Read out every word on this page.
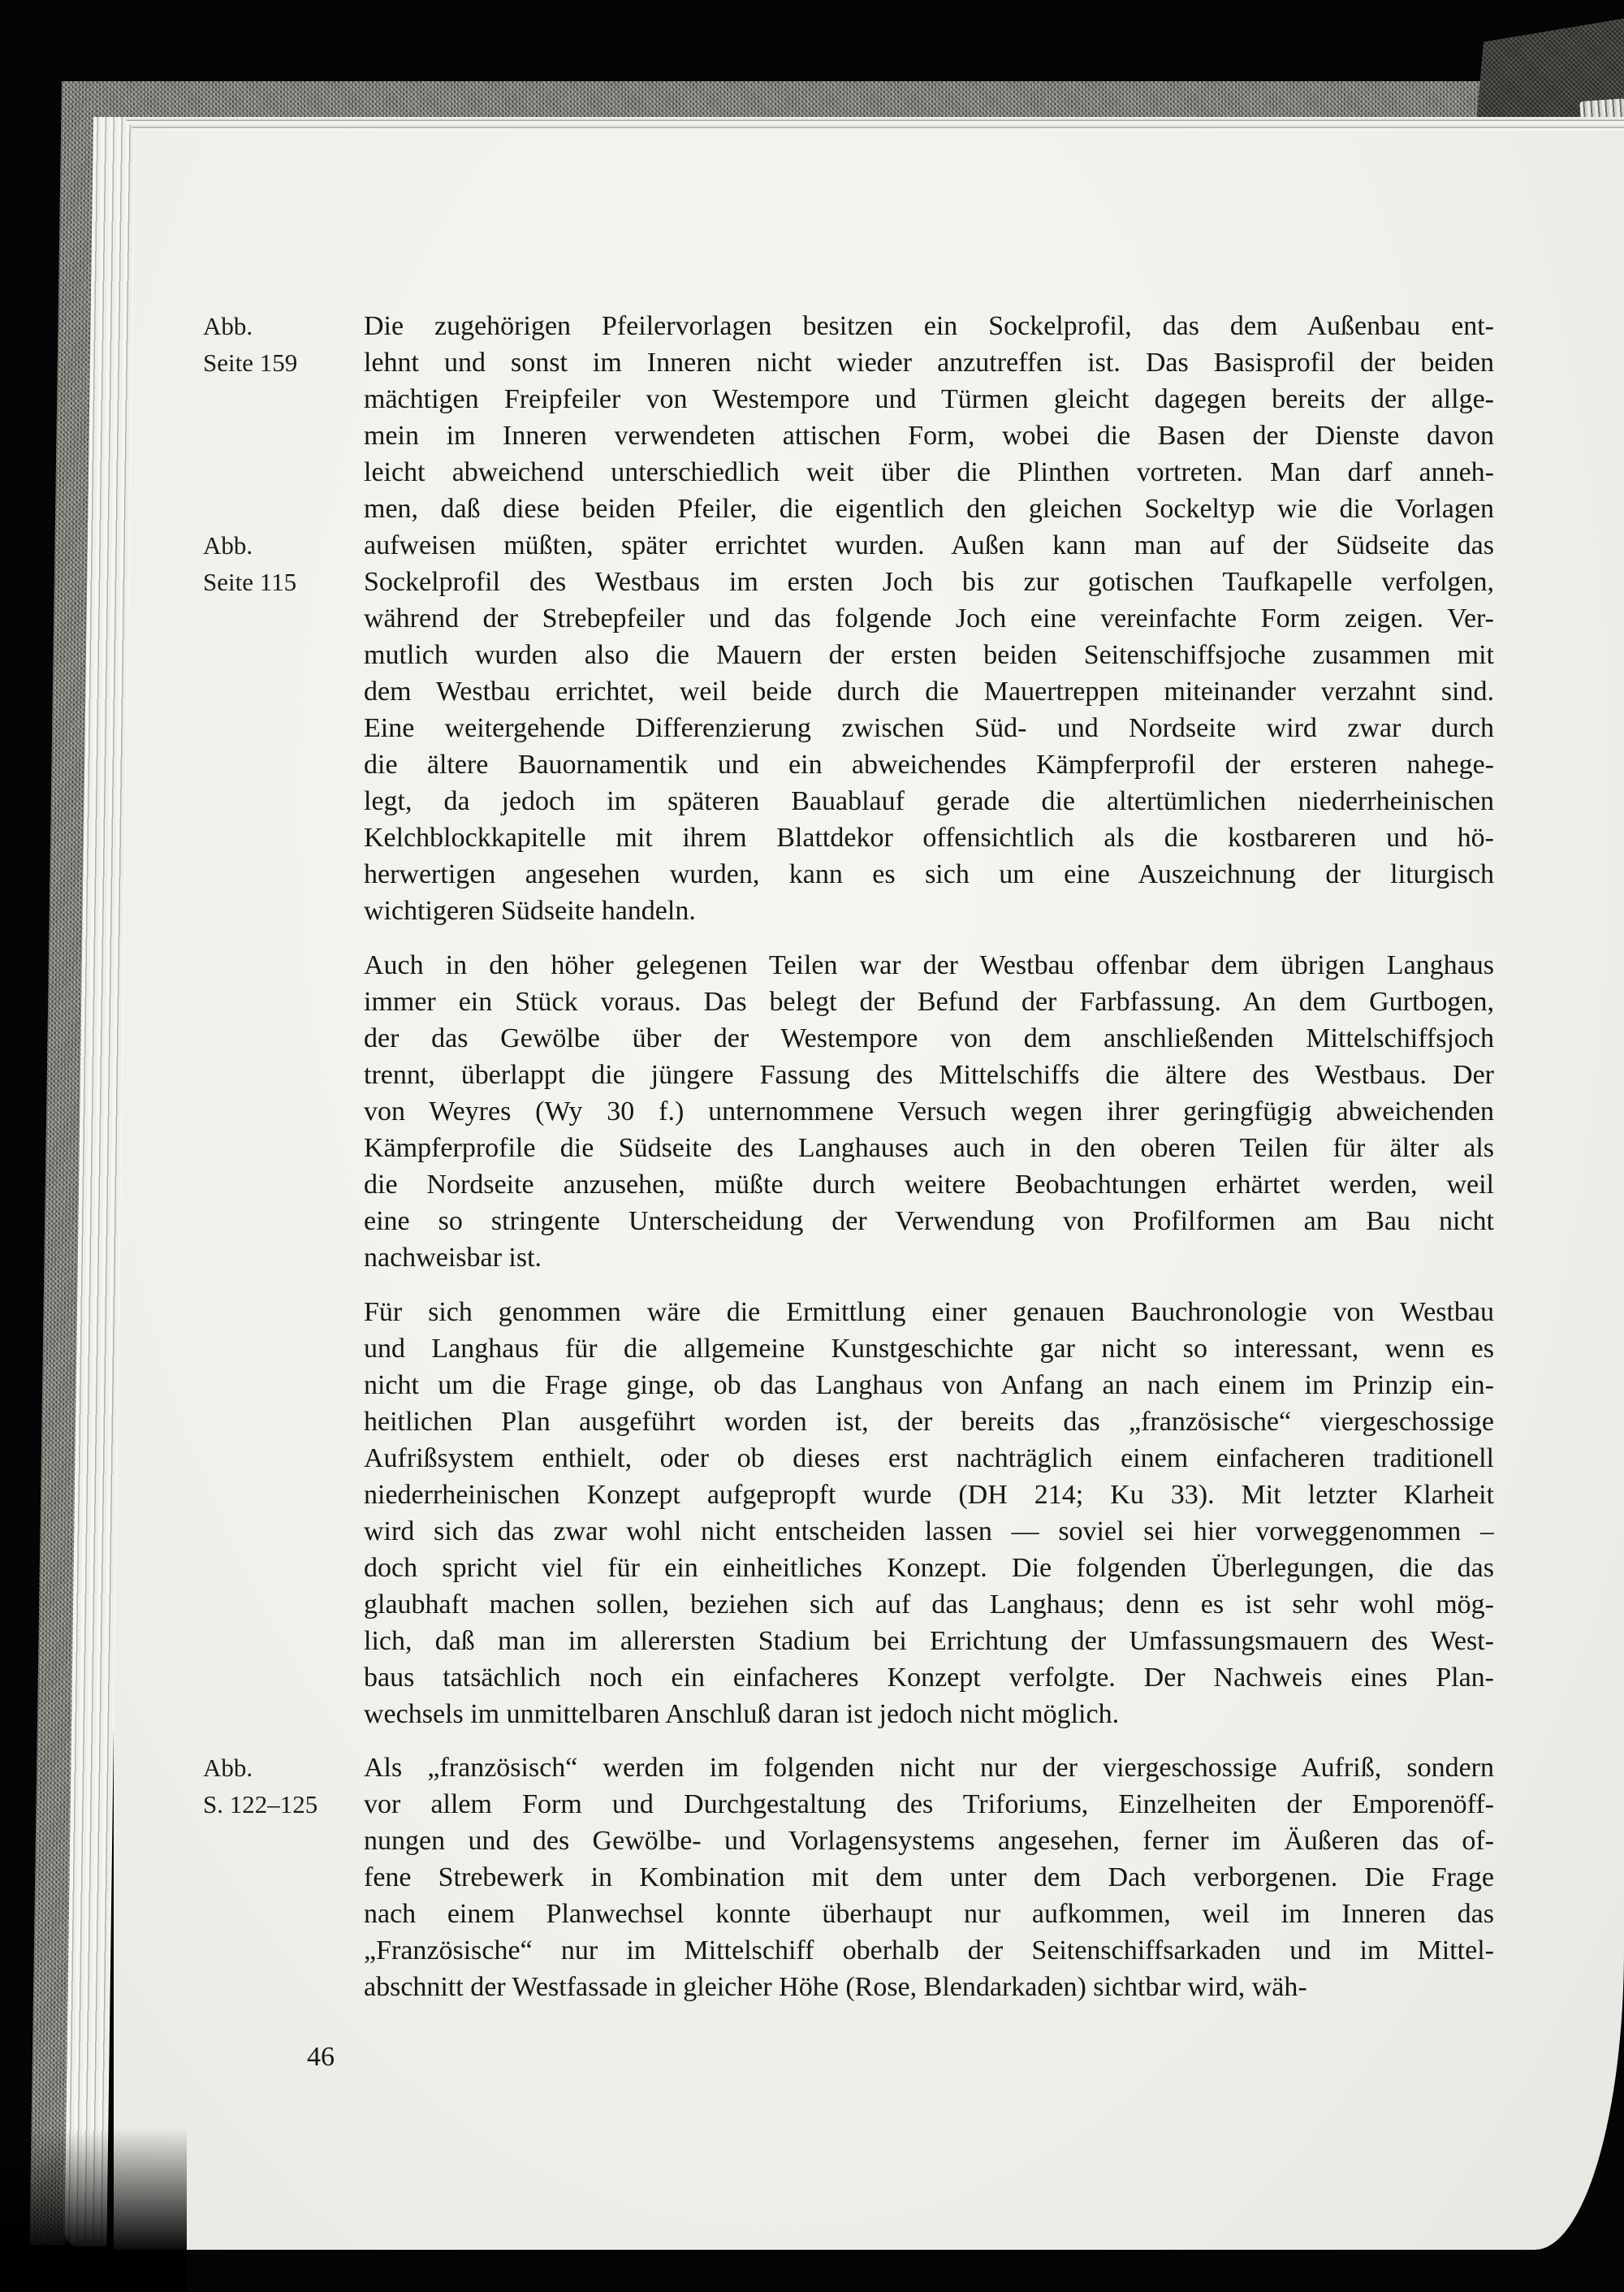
Abb.
Seite 159
Abb.
Seite 115
Abb.
S. 122–125
Die zugehörigen Pfeilervorlagen besitzen ein Sockelprofil, das dem Außenbau ent-
lehnt und sonst im Inneren nicht wieder anzutreffen ist. Das Basisprofil der beiden
mächtigen Freipfeiler von Westempore und Türmen gleicht dagegen bereits der allge-
mein im Inneren verwendeten attischen Form, wobei die Basen der Dienste davon
leicht abweichend unterschiedlich weit über die Plinthen vortreten. Man darf anneh-
men, daß diese beiden Pfeiler, die eigentlich den gleichen Sockeltyp wie die Vorlagen
aufweisen müßten, später errichtet wurden. Außen kann man auf der Südseite das
Sockelprofil des Westbaus im ersten Joch bis zur gotischen Taufkapelle verfolgen,
während der Strebepfeiler und das folgende Joch eine vereinfachte Form zeigen. Ver-
mutlich wurden also die Mauern der ersten beiden Seitenschiffsjoche zusammen mit
dem Westbau errichtet, weil beide durch die Mauertreppen miteinander verzahnt sind.
Eine weitergehende Differenzierung zwischen Süd- und Nordseite wird zwar durch
die ältere Bauornamentik und ein abweichendes Kämpferprofil der ersteren nahege-
legt, da jedoch im späteren Bauablauf gerade die altertümlichen niederrheinischen
Kelchblockkapitelle mit ihrem Blattdekor offensichtlich als die kostbareren und hö-
herwertigen angesehen wurden, kann es sich um eine Auszeichnung der liturgisch
wichtigeren Südseite handeln.
Auch in den höher gelegenen Teilen war der Westbau offenbar dem übrigen Langhaus
immer ein Stück voraus. Das belegt der Befund der Farbfassung. An dem Gurtbogen,
der das Gewölbe über der Westempore von dem anschließenden Mittelschiffsjoch
trennt, überlappt die jüngere Fassung des Mittelschiffs die ältere des Westbaus. Der
von Weyres (Wy 30 f.) unternommene Versuch wegen ihrer geringfügig abweichenden
Kämpferprofile die Südseite des Langhauses auch in den oberen Teilen für älter als
die Nordseite anzusehen, müßte durch weitere Beobachtungen erhärtet werden, weil
eine so stringente Unterscheidung der Verwendung von Profilformen am Bau nicht
nachweisbar ist.
Für sich genommen wäre die Ermittlung einer genauen Bauchronologie von Westbau
und Langhaus für die allgemeine Kunstgeschichte gar nicht so interessant, wenn es
nicht um die Frage ginge, ob das Langhaus von Anfang an nach einem im Prinzip ein-
heitlichen Plan ausgeführt worden ist, der bereits das „französische“ viergeschossige
Aufrißsystem enthielt, oder ob dieses erst nachträglich einem einfacheren traditionell
niederrheinischen Konzept aufgepropft wurde (DH 214; Ku 33). Mit letzter Klarheit
wird sich das zwar wohl nicht entscheiden lassen — soviel sei hier vorweggenommen –
doch spricht viel für ein einheitliches Konzept. Die folgenden Überlegungen, die das
glaubhaft machen sollen, beziehen sich auf das Langhaus; denn es ist sehr wohl mög-
lich, daß man im allerersten Stadium bei Errichtung der Umfassungsmauern des West-
baus tatsächlich noch ein einfacheres Konzept verfolgte. Der Nachweis eines Plan-
wechsels im unmittelbaren Anschluß daran ist jedoch nicht möglich.
Als „französisch“ werden im folgenden nicht nur der viergeschossige Aufriß, sondern
vor allem Form und Durchgestaltung des Triforiums, Einzelheiten der Emporenöff-
nungen und des Gewölbe- und Vorlagensystems angesehen, ferner im Äußeren das of-
fene Strebewerk in Kombination mit dem unter dem Dach verborgenen. Die Frage
nach einem Planwechsel konnte überhaupt nur aufkommen, weil im Inneren das
„Französische“ nur im Mittelschiff oberhalb der Seitenschiffsarkaden und im Mittel-
abschnitt der Westfassade in gleicher Höhe (Rose, Blendarkaden) sichtbar wird, wäh-
46
